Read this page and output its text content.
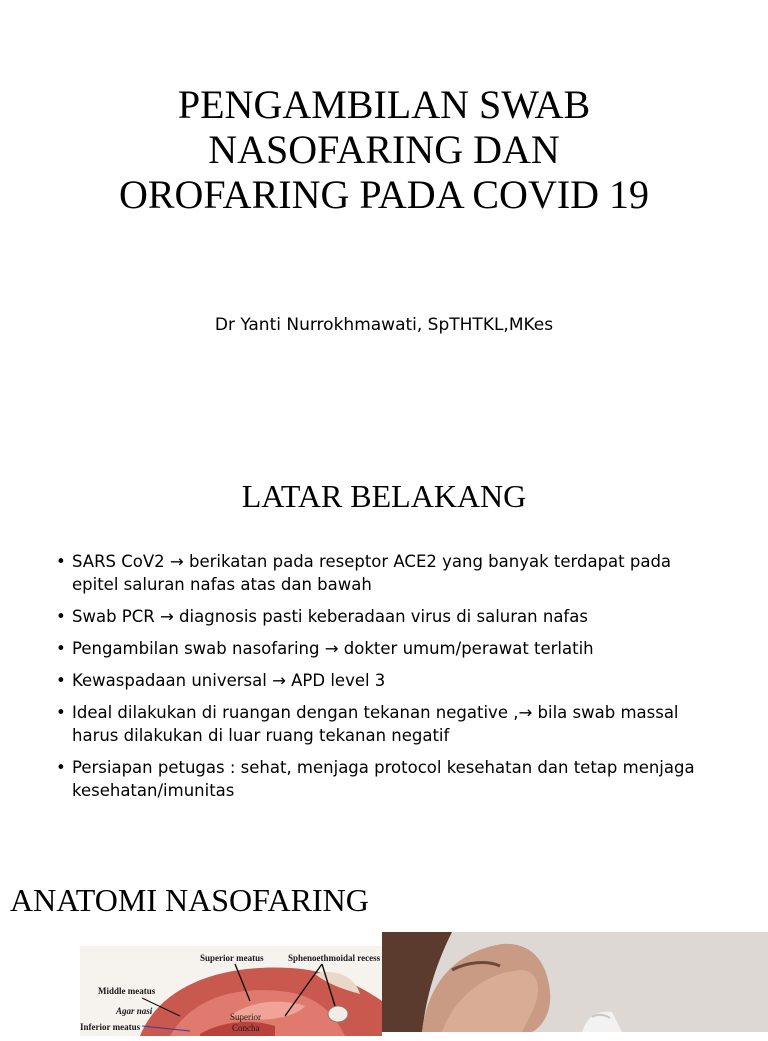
PENGAMBILAN SWAB
NASOFARING DAN
OROFARING PADA COVID 19
Dr Yanti Nurrokhmawati, SpTHTKL,MKes
LATAR BELAKANG
• SARS CoV2 → berikatan pada reseptor ACE2 yang banyak terdapat pada epitel saluran nafas atas dan bawah
• Swab PCR → diagnosis pasti keberadaan virus di saluran nafas
• Pengambilan swab nasofaring → dokter umum/perawat terlatih
• Kewaspadaan universal → APD level 3
• Ideal dilakukan di ruangan dengan tekanan negative ,→ bila swab massal harus dilakukan di luar ruang tekanan negatif
• Persiapan petugas : sehat, menjaga protocol kesehatan dan tetap menjaga kesehatan/imunitas
ANATOMI NASOFARING
Superior meatus	Sphenoethmoidal recess
Middle meatus
Agar nasi
Inferior meatus
Superior
Concha
